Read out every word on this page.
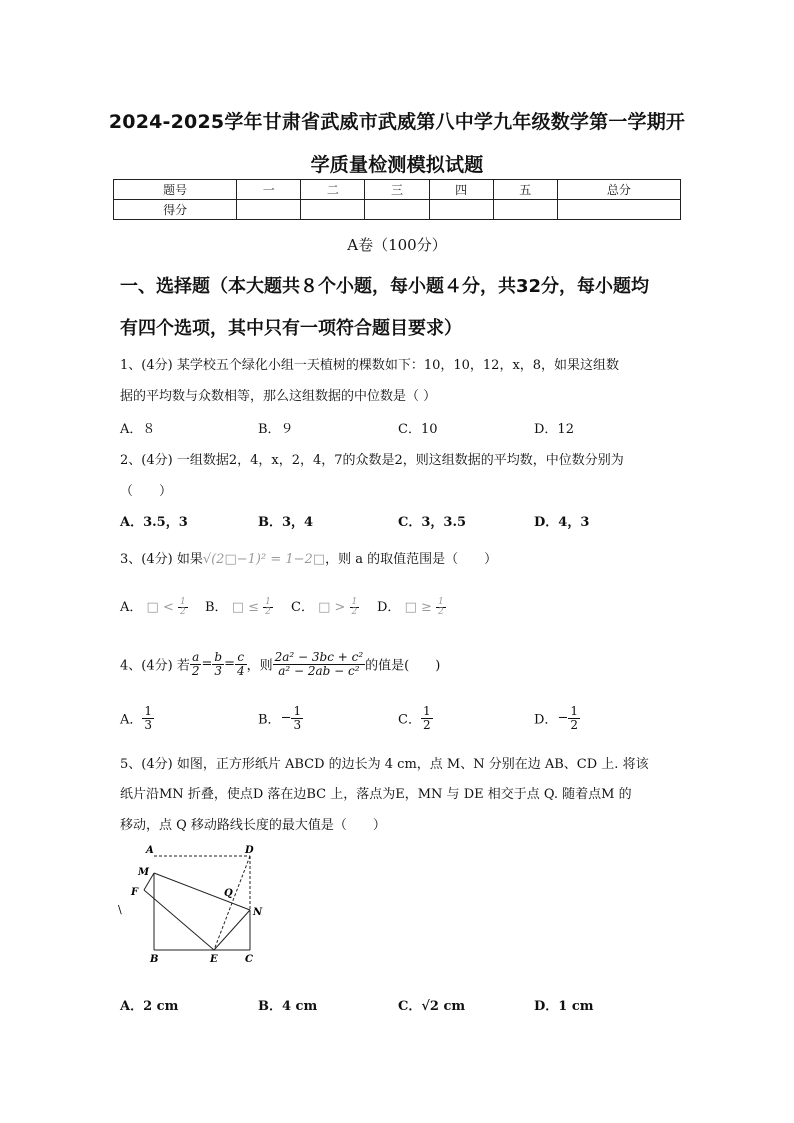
2024-2025学年甘肃省武威市武威第八中学九年级数学第一学期开
学质量检测模拟试题
题号	一	二	三	四	五	总分
得分						
A卷（100分）
一、选择题（本大题共８个小题，每小题４分，共32分，每小题均
有四个选项，其中只有一项符合题目要求）
1、(4分) 某学校五个绿化小组一天植树的棵数如下：10，10，12，x，8，如果这组数
据的平均数与众数相等，那么这组数据的中位数是（ ）
A．８	B．９	C．10	D．12
2、(4分) 一组数据2，4，x，2，4，7的众数是2，则这组数据的平均数，中位数分别为
（　　）
A．3.5，3	B．3，4	C．3，3.5	D．4，3
3、(4分) 如果√(2□−1)² = 1−2□，则 a 的取值范围是（　　）
A． □ < $\frac{1}{2}$ B． □ ≤ $\frac{1}{2}$ C． □ > $\frac{1}{2}$ D． □ ≥ $\frac{1}{2}$
4、(4分) 若 $\frac{a}{2} = \frac{b}{3} = \frac{c}{4}$ ，则 $\frac{\text{2a² − 3bc + c²}}{\text{a² − 2ab − c²}}$ 的值是(　　)
A． $\frac{1}{3}$	B．− $\frac{1}{3}$	C． $\frac{1}{2}$	D．− $\frac{1}{2}$
5、(4分) 如图，正方形纸片 ABCD 的边长为 4 cm，点 M、N 分别在边 AB、CD 上. 将该
纸片沿MN 折叠，使点D 落在边BC 上，落点为E，MN 与 DE 相交于点 Q. 随着点M 的
移动，点 Q 移动路线长度的最大值是（　　）
A	D
M
F	Q
N
B	E	C
\
A．2 cm	B．4 cm	C．√2 cm	D．1 cm
